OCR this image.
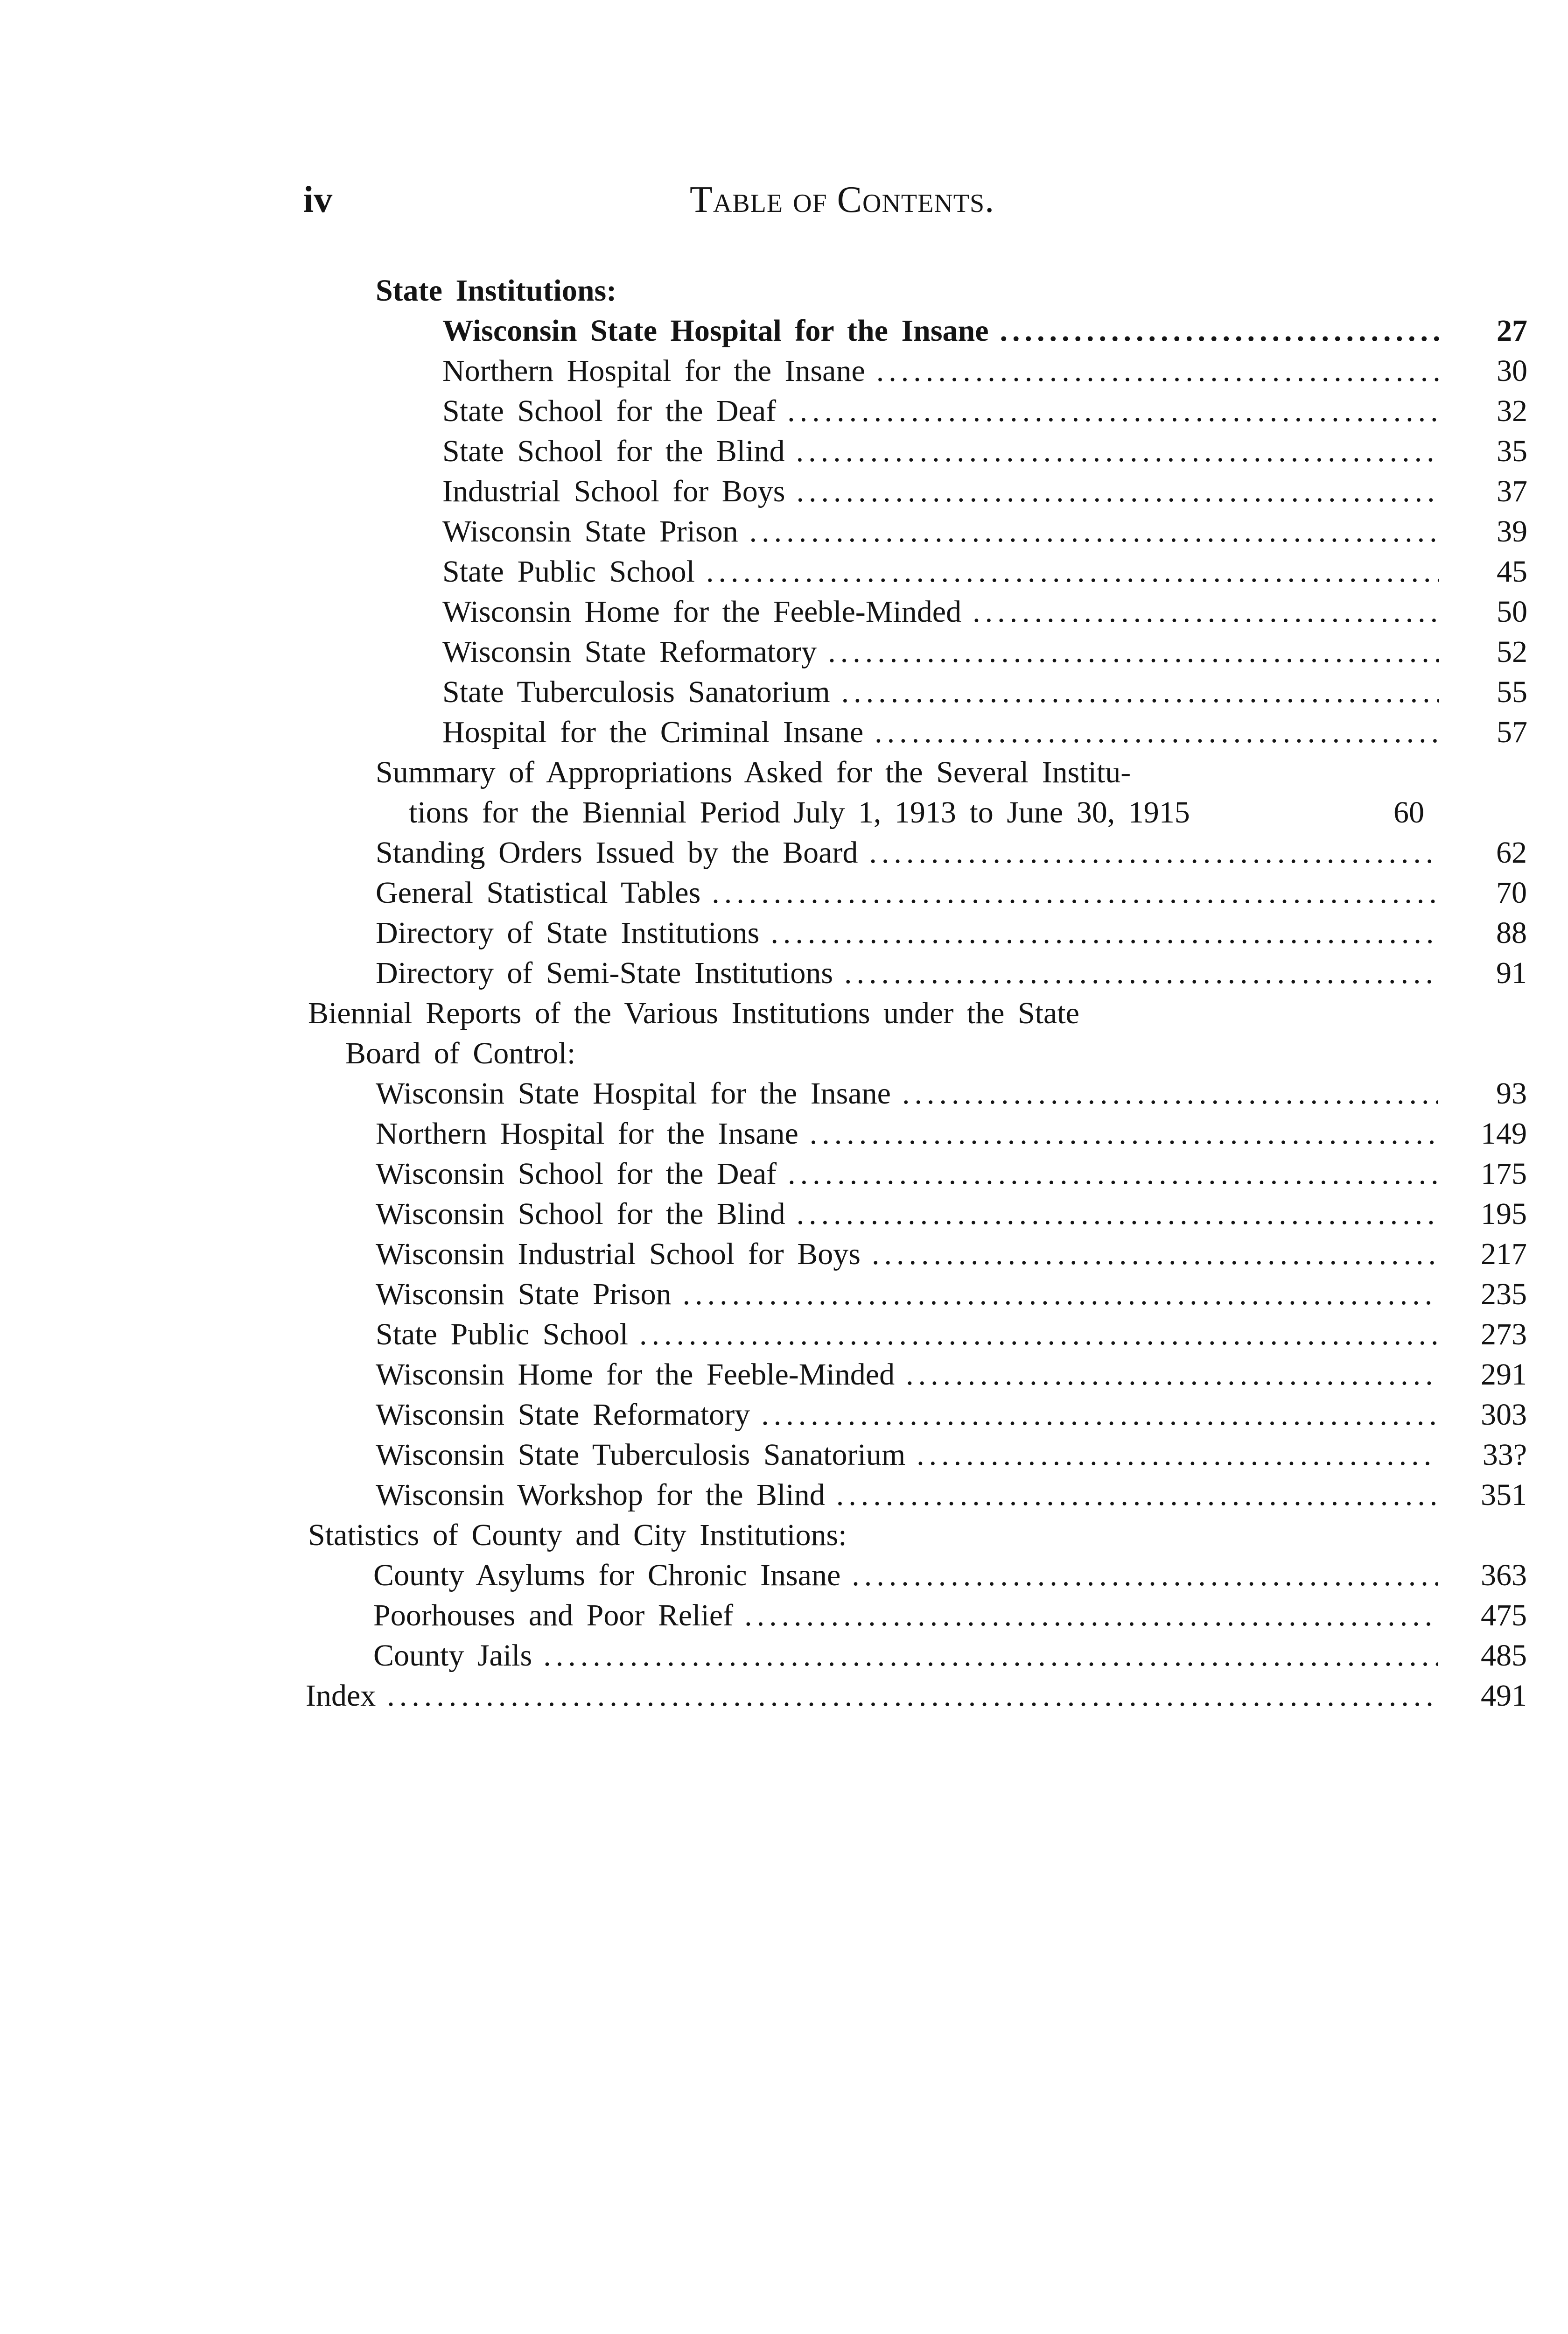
iv	Table of Contents.
State Institutions:
Wisconsin State Hospital for the Insane .....	27
Northern Hospital for the Insane .....	30
State School for the Deaf .....	32
State School for the Blind .....	35
Industrial School for Boys .....	37
Wisconsin State Prison .....	39
State Public School .....	45
Wisconsin Home for the Feeble-Minded .....	50
Wisconsin State Reformatory .....	52
State Tuberculosis Sanatorium .....	55
Hospital for the Criminal Insane .....	57
Summary of Appropriations Asked for the Several Institu-
tions for the Biennial Period July 1, 1913 to June 30, 1915	60
Standing Orders Issued by the Board .....	62
General Statistical Tables .....	70
Directory of State Institutions .....	88
Directory of Semi-State Institutions .....	91
Biennial Reports of the Various Institutions under the State
Board of Control:
Wisconsin State Hospital for the Insane .....	93
Northern Hospital for the Insane .....	149
Wisconsin School for the Deaf .....	175
Wisconsin School for the Blind .....	195
Wisconsin Industrial School for Boys .....	217
Wisconsin State Prison .....	235
State Public School .....	273
Wisconsin Home for the Feeble-Minded .....	291
Wisconsin State Reformatory .....	303
Wisconsin State Tuberculosis Sanatorium .....	33?
Wisconsin Workshop for the Blind .....	351
Statistics of County and City Institutions:
County Asylums for Chronic Insane .....	363
Poorhouses and Poor Relief .....	475
County Jails .....	485
Index .....	491
